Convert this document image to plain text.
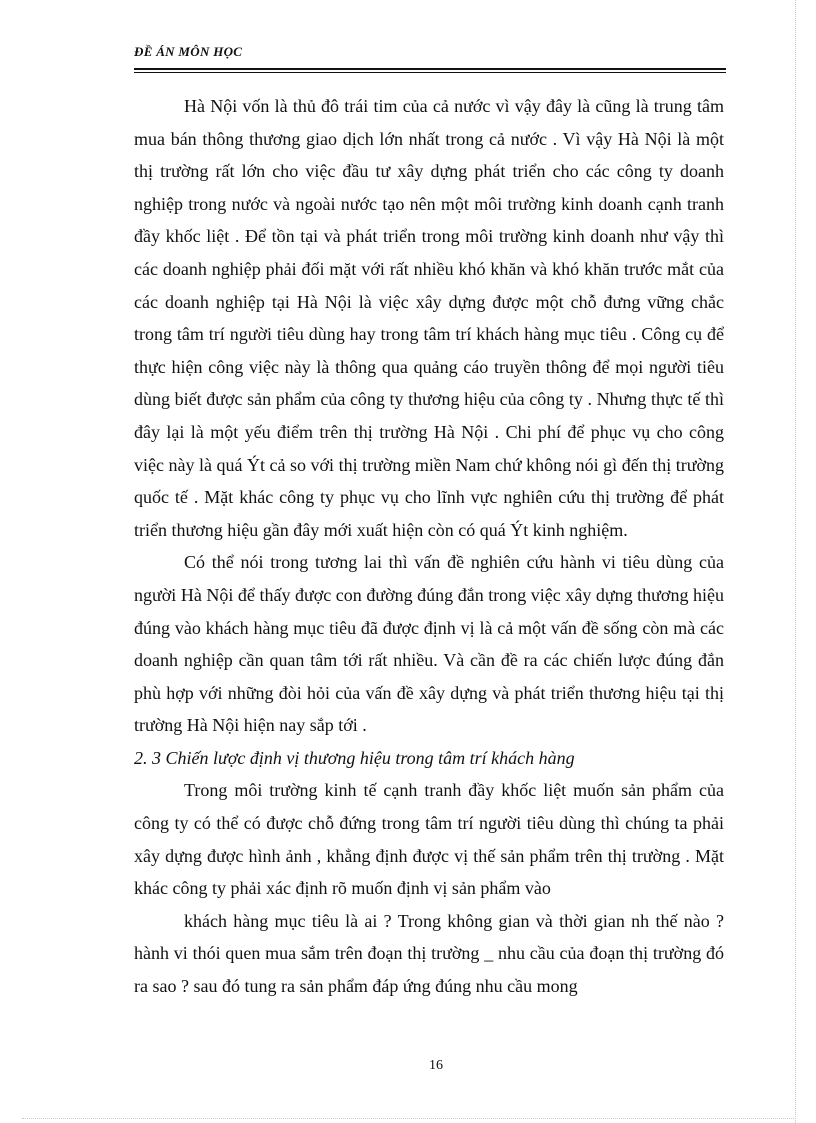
ĐỀ ÁN MÔN HỌC

Hà Nội vốn là thủ đô trái tim của cả nước vì vậy đây là cũng là trung tâm mua bán thông thương giao dịch lớn nhất trong cả nước . Vì vậy Hà Nội là một thị trường rất lớn cho việc đầu tư xây dựng phát triển cho các công ty doanh nghiệp trong nước và ngoài nước tạo nên một môi trường kinh doanh cạnh tranh đầy khốc liệt . Để tồn tại và phát triển trong môi trường kinh doanh như vậy thì các doanh nghiệp phải đối mặt với rất nhiều khó khăn và khó khăn trước mắt của các doanh nghiệp tại Hà Nội là việc xây dựng được một chỗ đưng vững chắc trong tâm trí người tiêu dùng hay trong tâm trí khách hàng mục tiêu . Công cụ để thực hiện công việc này là thông qua quảng cáo truyền thông để mọi người tiêu dùng biết được sản phẩm của công ty thương hiệu của công ty . Nhưng thực tế thì đây lại là một yếu điểm trên thị trường Hà Nội . Chi phí để phục vụ cho công việc này là quá Ýt cả so với thị trường miền Nam chứ không nói gì đến thị trường quốc tế . Mặt khác công ty phục vụ cho lĩnh vực nghiên cứu thị trường để phát triển thương hiệu gần đây mới xuất hiện còn có quá Ýt kinh nghiệm.

Có thể nói trong tương lai thì vấn đề nghiên cứu hành vi tiêu dùng của người Hà Nội để thấy được con đường đúng đắn trong việc xây dựng thương hiệu đúng vào khách hàng mục tiêu đã được định vị là cả một vấn đề sống còn mà các doanh nghiệp cần quan tâm tới rất nhiều. Và cần đề ra các chiến lược đúng đắn phù hợp với những đòi hỏi của vấn đề xây dựng và phát triển thương hiệu tại thị trường Hà Nội hiện nay sắp tới .

2. 3 Chiến lược định vị thương hiệu trong tâm trí khách hàng

Trong môi trường kinh tế cạnh tranh đầy khốc liệt muốn sản phẩm của công ty có thể có được chỗ đứng trong tâm trí người tiêu dùng thì chúng ta phải xây dựng được hình ảnh , khẳng định được vị thế sản phẩm trên thị trường . Mặt khác công ty phải xác định rõ muốn định vị sản phẩm vào

khách hàng mục tiêu là ai ? Trong không gian và thời gian nh thế nào ? hành vi thói quen mua sắm trên đoạn thị trường _ nhu cầu của đoạn thị trường đó ra sao ? sau đó tung ra sản phẩm đáp ứng đúng nhu cầu mong

16
